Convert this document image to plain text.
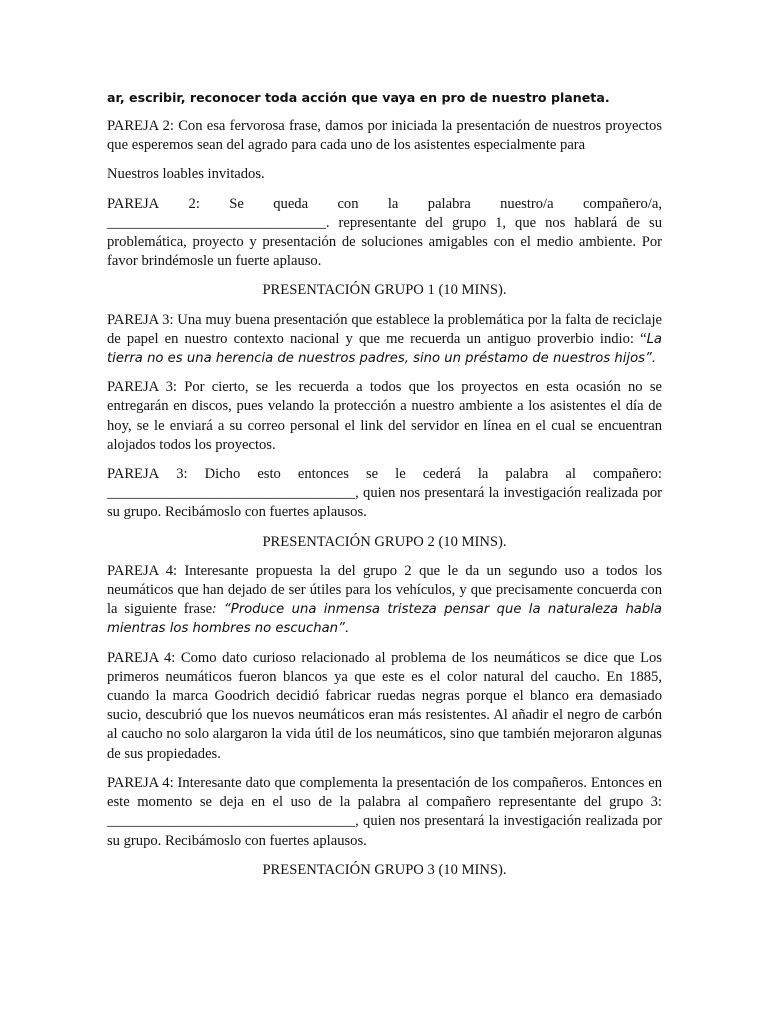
ar, escribir, reconocer toda acción que vaya en pro de nuestro planeta.

PAREJA 2: Con esa fervorosa frase, damos por iniciada la presentación de nuestros proyectos que esperemos sean del agrado para cada uno de los asistentes especialmente para

Nuestros loables invitados.

PAREJA 2: Se queda con la palabra nuestro/a compañero/a,
______________________________. representante del grupo 1, que nos hablará de su problemática, proyecto y presentación de soluciones amigables con el medio ambiente. Por favor brindémosle un fuerte aplauso.

PRESENTACIÓN GRUPO 1 (10 MINS).

PAREJA 3: Una muy buena presentación que establece la problemática por la falta de reciclaje de papel en nuestro contexto nacional y que me recuerda un antiguo proverbio indio: “La tierra no es una herencia de nuestros padres, sino un préstamo de nuestros hijos”.

PAREJA 3: Por cierto, se les recuerda a todos que los proyectos en esta ocasión no se entregarán en discos, pues velando la protección a nuestro ambiente a los asistentes el día de hoy, se le enviará a su correo personal el link del servidor en línea en el cual se encuentran alojados todos los proyectos.

PAREJA 3: Dicho esto entonces se le cederá la palabra al compañero:
__________________________________, quien nos presentará la investigación realizada por su grupo. Recibámoslo con fuertes aplausos.

PRESENTACIÓN GRUPO 2 (10 MINS).

PAREJA 4: Interesante propuesta la del grupo 2 que le da un segundo uso a todos los neumáticos que han dejado de ser útiles para los vehículos, y que precisamente concuerda con la siguiente frase: “Produce una inmensa tristeza pensar que la naturaleza habla mientras los hombres no escuchan”.

PAREJA 4: Como dato curioso relacionado al problema de los neumáticos se dice que Los primeros neumáticos fueron blancos ya que este es el color natural del caucho. En 1885, cuando la marca Goodrich decidió fabricar ruedas negras porque el blanco era demasiado sucio, descubrió que los nuevos neumáticos eran más resistentes. Al añadir el negro de carbón al caucho no solo alargaron la vida útil de los neumáticos, sino que también mejoraron algunas de sus propiedades.

PAREJA 4: Interesante dato que complementa la presentación de los compañeros. Entonces en este momento se deja en el uso de la palabra al compañero representante del grupo 3: __________________________________, quien nos presentará la investigación realizada por su grupo. Recibámoslo con fuertes aplausos.

PRESENTACIÓN GRUPO 3 (10 MINS).
